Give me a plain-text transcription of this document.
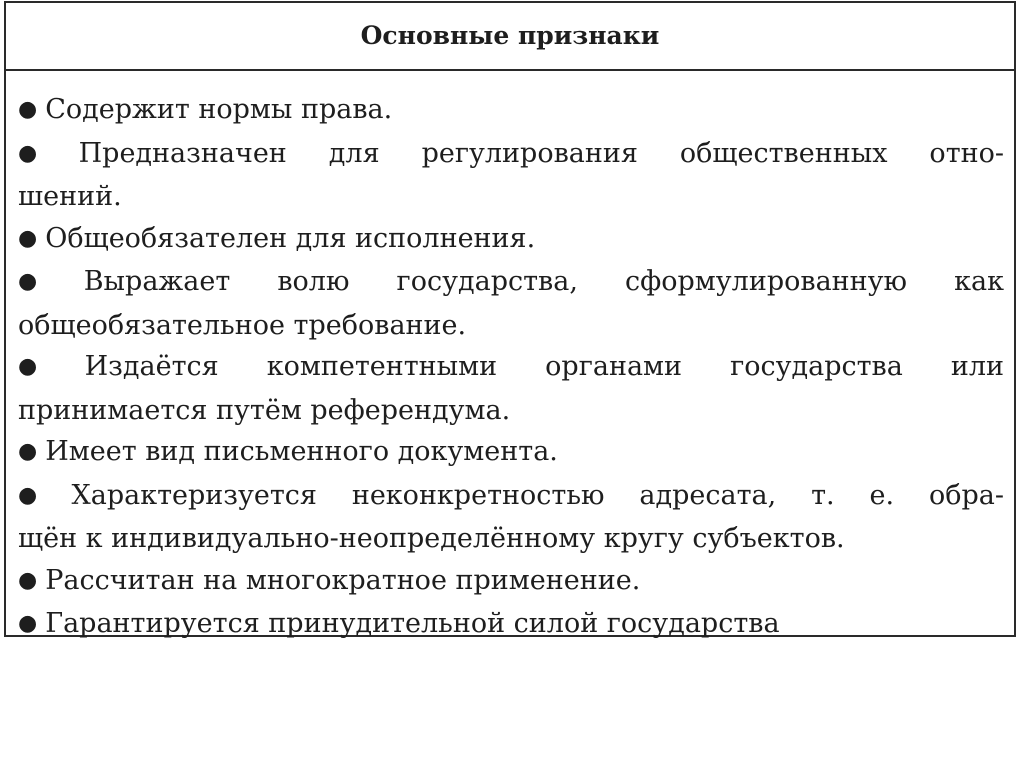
Основные признаки
● Содержит нормы права.
● Предназначен для регулирования общественных отно-
шений.
● Общеобязателен для исполнения.
● Выражает волю государства, сформулированную как
общеобязательное требование.
● Издаётся компетентными органами государства или
принимается путём референдума.
● Имеет вид письменного документа.
● Характеризуется неконкретностью адресата, т. е. обра-
щён к индивидуально-неопределённому кругу субъектов.
● Рассчитан на многократное применение.
● Гарантируется принудительной силой государства
